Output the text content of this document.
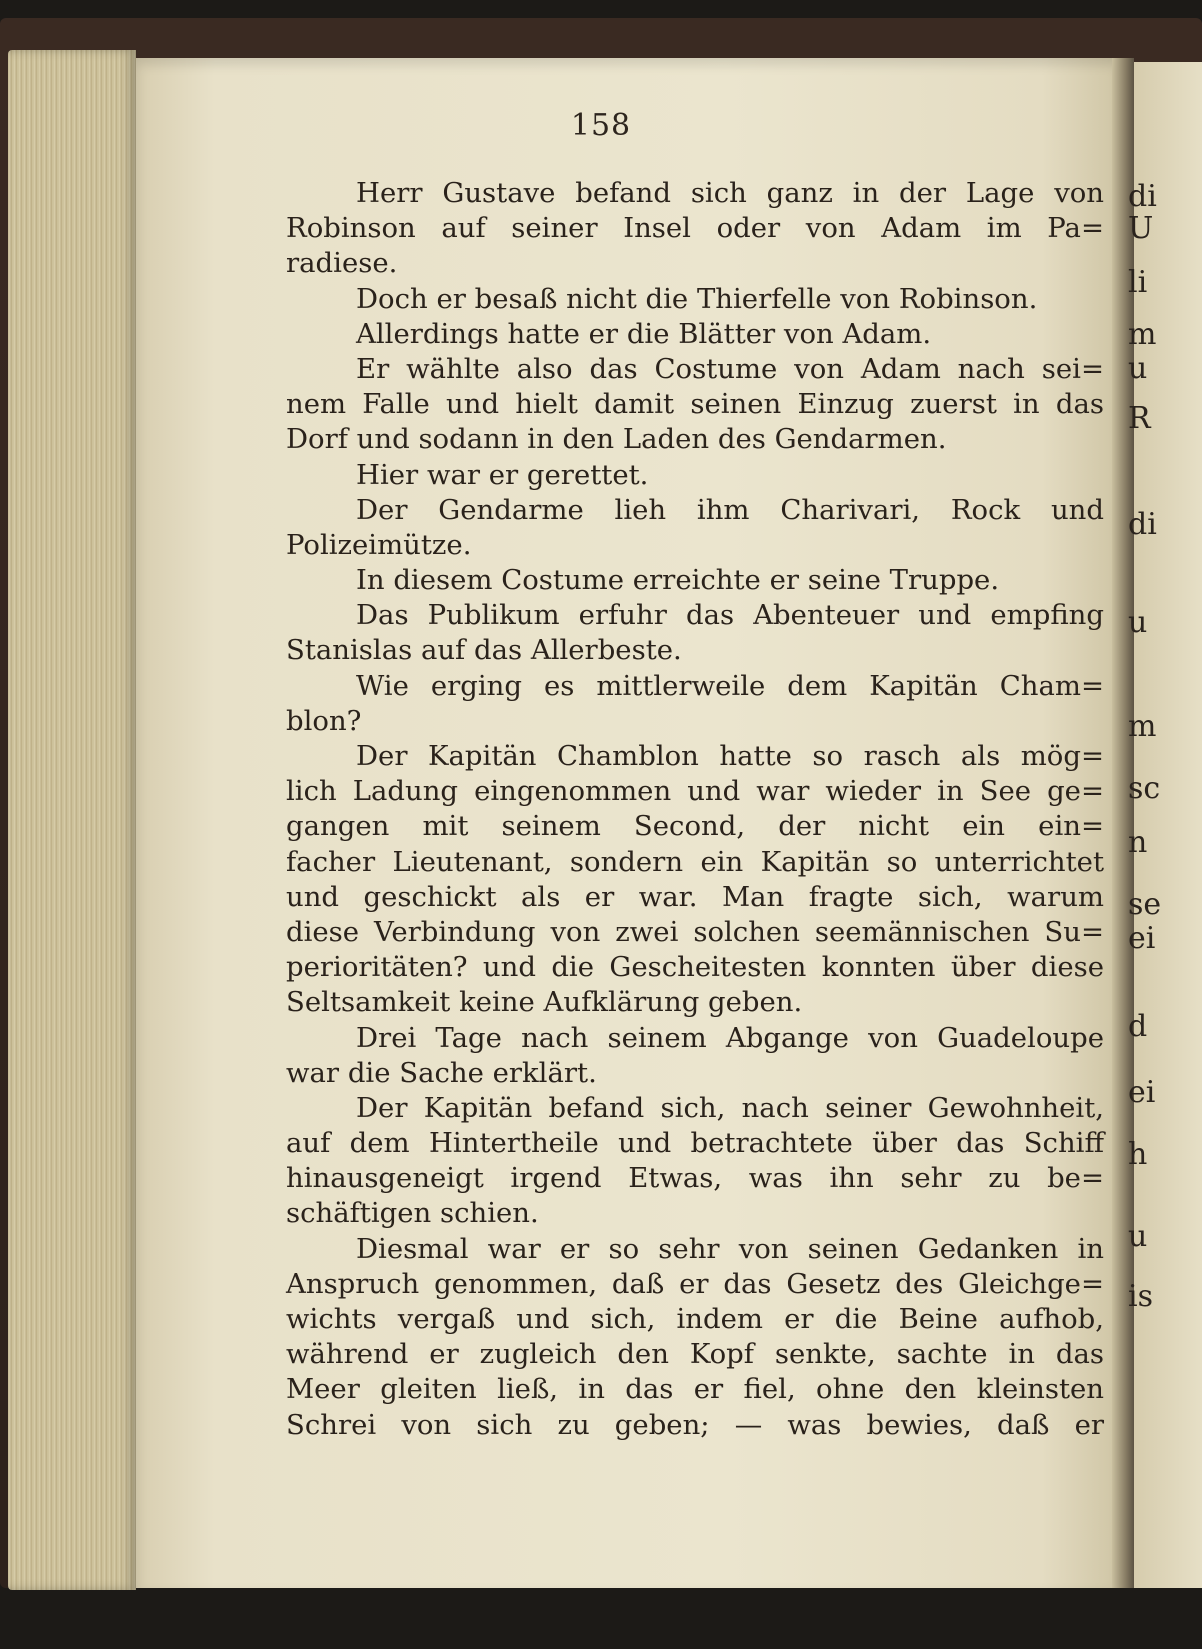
di
U
li
m
u
R
di
u
m
sc
n
se
ei
d
ei
h
u
is
158
Herr Gustave befand sich ganz in der Lage von
Robinson auf seiner Insel oder von Adam im Pa=
radiese.
Doch er besaß nicht die Thierfelle von Robinson.
Allerdings hatte er die Blätter von Adam.
Er wählte also das Costume von Adam nach sei=
nem Falle und hielt damit seinen Einzug zuerst in das
Dorf und sodann in den Laden des Gendarmen.
Hier war er gerettet.
Der Gendarme lieh ihm Charivari, Rock und
Polizeimütze.
In diesem Costume erreichte er seine Truppe.
Das Publikum erfuhr das Abenteuer und empfing
Stanislas auf das Allerbeste.
Wie erging es mittlerweile dem Kapitän Cham=
blon?
Der Kapitän Chamblon hatte so rasch als mög=
lich Ladung eingenommen und war wieder in See ge=
gangen mit seinem Second, der nicht ein ein=
facher Lieutenant, sondern ein Kapitän so unterrichtet
und geschickt als er war. Man fragte sich, warum
diese Verbindung von zwei solchen seemännischen Su=
perioritäten? und die Gescheitesten konnten über diese
Seltsamkeit keine Aufklärung geben.
Drei Tage nach seinem Abgange von Guadeloupe
war die Sache erklärt.
Der Kapitän befand sich, nach seiner Gewohnheit,
auf dem Hintertheile und betrachtete über das Schiff
hinausgeneigt irgend Etwas, was ihn sehr zu be=
schäftigen schien.
Diesmal war er so sehr von seinen Gedanken in
Anspruch genommen, daß er das Gesetz des Gleichge=
wichts vergaß und sich, indem er die Beine aufhob,
während er zugleich den Kopf senkte, sachte in das
Meer gleiten ließ, in das er fiel, ohne den kleinsten
Schrei von sich zu geben; — was bewies, daß er
